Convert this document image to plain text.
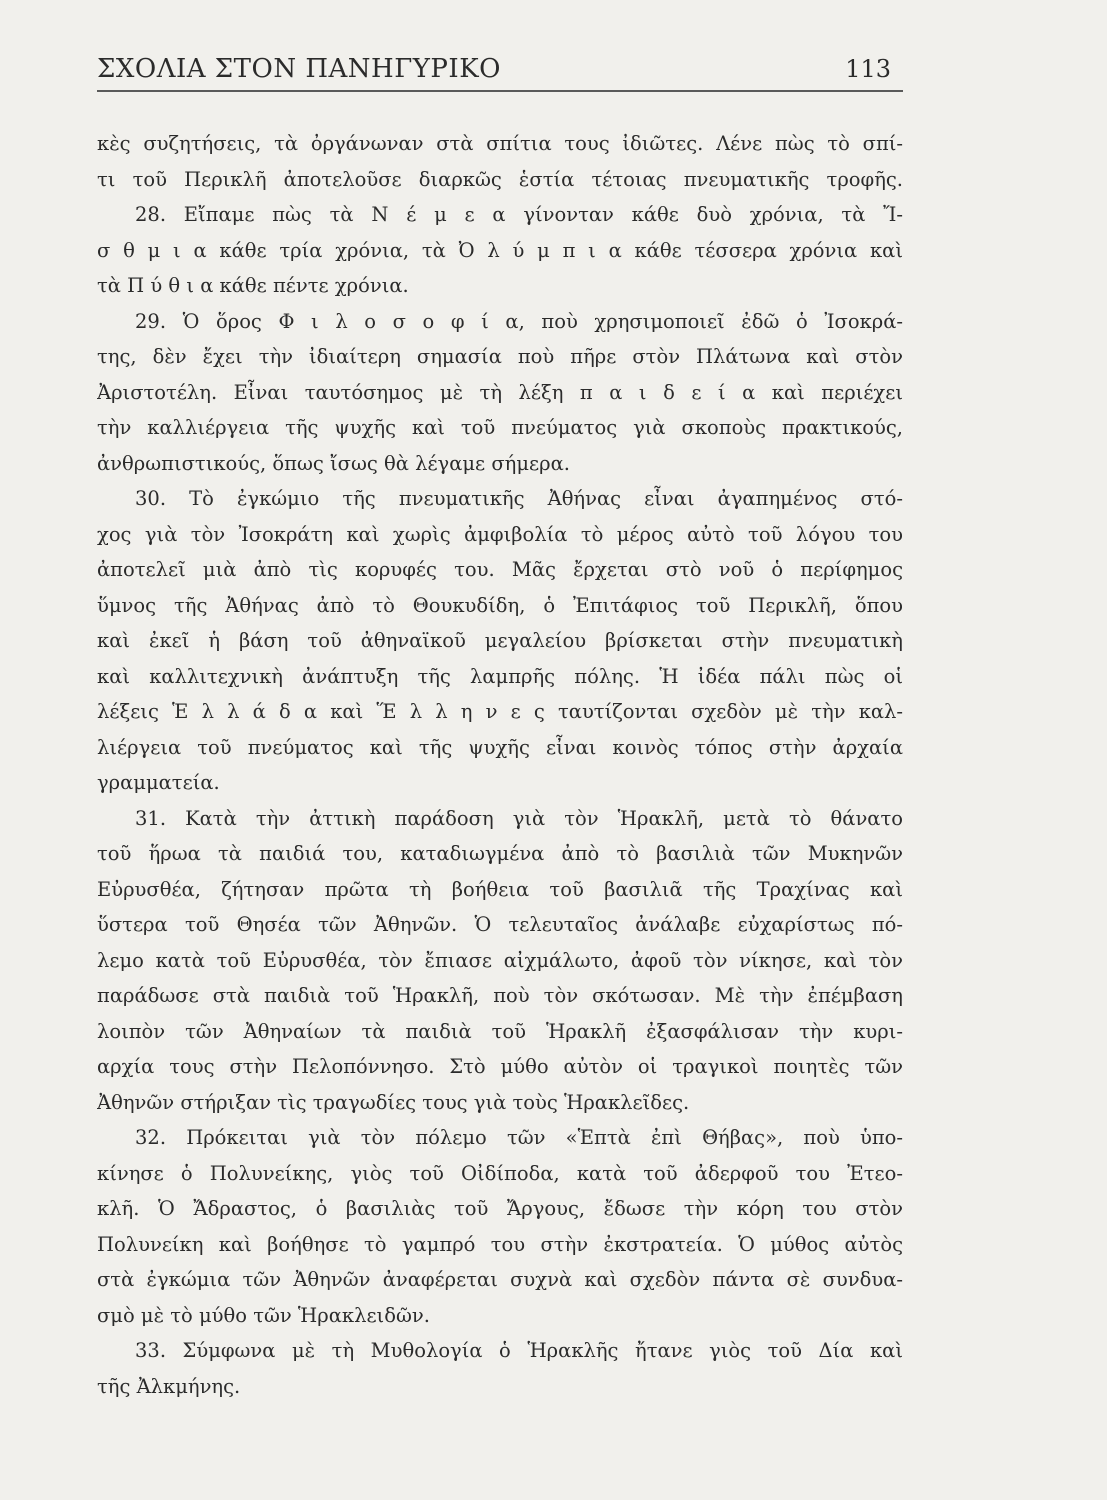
ΣΧΟΛΙΑ ΣΤΟΝ ΠΑΝΗΓΥΡΙΚΟ	113
κὲς συζητήσεις, τὰ ὀργάνωναν στὰ σπίτια τους ἰδιῶτες. Λένε πὼς τὸ σπί-
τι τοῦ Περικλῆ ἀποτελοῦσε διαρκῶς ἑστία τέτοιας πνευματικῆς τροφῆς.
28. Εἴπαμε πὼς τὰ Ν έ μ ε α γίνονταν κάθε δυὸ χρόνια, τὰ Ἴ-
σ θ μ ι α κάθε τρία χρόνια, τὰ Ὀ λ ύ μ π ι α κάθε τέσσερα χρόνια καὶ
τὰ Π ύ θ ι α κάθε πέντε χρόνια.
29. Ὁ ὅρος Φ ι λ ο σ ο φ ί α, ποὺ χρησιμοποιεῖ ἐδῶ ὁ Ἰσοκρά-
της, δὲν ἔχει τὴν ἰδιαίτερη σημασία ποὺ πῆρε στὸν Πλάτωνα καὶ στὸν
Ἀριστοτέλη. Εἶναι ταυτόσημος μὲ τὴ λέξη π α ι δ ε ί α καὶ περιέχει
τὴν καλλιέργεια τῆς ψυχῆς καὶ τοῦ πνεύματος γιὰ σκοποὺς πρακτικούς,
ἀνθρωπιστικούς, ὅπως ἴσως θὰ λέγαμε σήμερα.
30. Τὸ ἐγκώμιο τῆς πνευματικῆς Ἀθήνας εἶναι ἀγαπημένος στό-
χος γιὰ τὸν Ἰσοκράτη καὶ χωρὶς ἀμφιβολία τὸ μέρος αὐτὸ τοῦ λόγου του
ἀποτελεῖ μιὰ ἀπὸ τὶς κορυφές του. Μᾶς ἔρχεται στὸ νοῦ ὁ περίφημος
ὕμνος τῆς Ἀθήνας ἀπὸ τὸ Θουκυδίδη, ὁ Ἐπιτάφιος τοῦ Περικλῆ, ὅπου
καὶ ἐκεῖ ἡ βάση τοῦ ἀθηναϊκοῦ μεγαλείου βρίσκεται στὴν πνευματικὴ
καὶ καλλιτεχνικὴ ἀνάπτυξη τῆς λαμπρῆς πόλης. Ἡ ἰδέα πάλι πὼς οἱ
λέξεις Ἑ λ λ ά δ α καὶ Ἕ λ λ η ν ε ς ταυτίζονται σχεδὸν μὲ τὴν καλ-
λιέργεια τοῦ πνεύματος καὶ τῆς ψυχῆς εἶναι κοινὸς τόπος στὴν ἀρχαία
γραμματεία.
31. Κατὰ τὴν ἀττικὴ παράδοση γιὰ τὸν Ἡρακλῆ, μετὰ τὸ θάνατο
τοῦ ἥρωα τὰ παιδιά του, καταδιωγμένα ἀπὸ τὸ βασιλιὰ τῶν Μυκηνῶν
Εὐρυσθέα, ζήτησαν πρῶτα τὴ βοήθεια τοῦ βασιλιᾶ τῆς Τραχίνας καὶ
ὕστερα τοῦ Θησέα τῶν Ἀθηνῶν. Ὁ τελευταῖος ἀνάλαβε εὐχαρίστως πό-
λεμο κατὰ τοῦ Εὐρυσθέα, τὸν ἔπιασε αἰχμάλωτο, ἀφοῦ τὸν νίκησε, καὶ τὸν
παράδωσε στὰ παιδιὰ τοῦ Ἡρακλῆ, ποὺ τὸν σκότωσαν. Μὲ τὴν ἐπέμβαση
λοιπὸν τῶν Ἀθηναίων τὰ παιδιὰ τοῦ Ἡρακλῆ ἐξασφάλισαν τὴν κυρι-
αρχία τους στὴν Πελοπόννησο. Στὸ μύθο αὐτὸν οἱ τραγικοὶ ποιητὲς τῶν
Ἀθηνῶν στήριξαν τὶς τραγωδίες τους γιὰ τοὺς Ἡρακλεῖδες.
32. Πρόκειται γιὰ τὸν πόλεμο τῶν «Ἑπτὰ ἐπὶ Θήβας», ποὺ ὑπο-
κίνησε ὁ Πολυνείκης, γιὸς τοῦ Οἰδίποδα, κατὰ τοῦ ἀδερφοῦ του Ἐτεο-
κλῆ. Ὁ Ἄδραστος, ὁ βασιλιὰς τοῦ Ἄργους, ἔδωσε τὴν κόρη του στὸν
Πολυνείκη καὶ βοήθησε τὸ γαμπρό του στὴν ἐκστρατεία. Ὁ μύθος αὐτὸς
στὰ ἐγκώμια τῶν Ἀθηνῶν ἀναφέρεται συχνὰ καὶ σχεδὸν πάντα σὲ συνδυα-
σμὸ μὲ τὸ μύθο τῶν Ἡρακλειδῶν.
33. Σύμφωνα μὲ τὴ Μυθολογία ὁ Ἡρακλῆς ἤτανε γιὸς τοῦ Δία καὶ
τῆς Ἀλκμήνης.
